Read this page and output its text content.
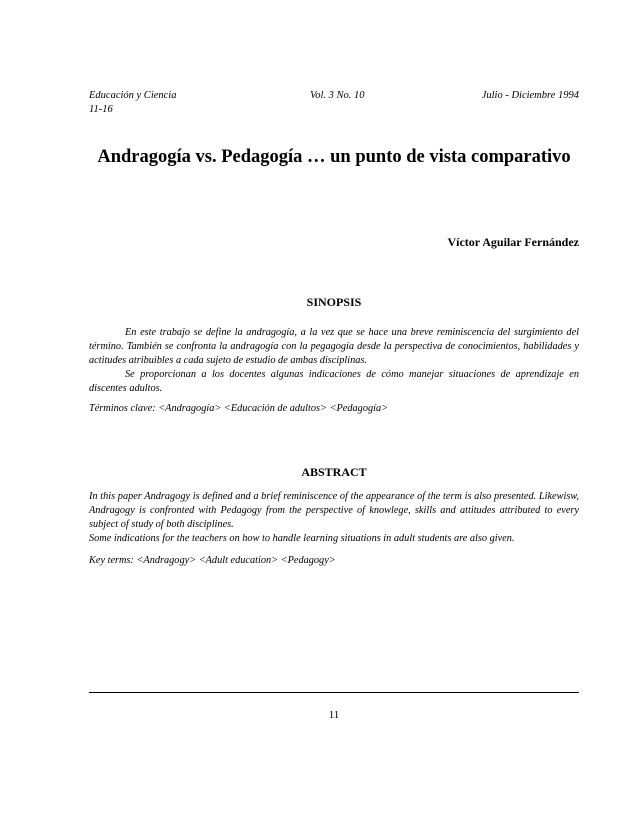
Educación y Ciencia	Vol. 3 No. 10	Julio - Diciembre 1994
11-16
Andragogía vs. Pedagogía … un punto de vista comparativo
Víctor Aguilar Fernández
SINOPSIS

En este trabajo se define la andragogía, a la vez que se hace una breve reminiscencia del surgimiento del término. También se confronta la andragogía con la pegagogía desde la perspectiva de conocimientos, habilidades y actitudes atribuibles a cada sujeto de estudio de ambas disciplinas.

Se proporcionan a los docentes algunas indicaciones de cómo manejar situaciones de aprendizaje en discentes adultos.

Términos clave: <Andragogía> <Educación de adultos> <Pedagogía>
ABSTRACT

In this paper Andragogy is defined and a brief reminiscence of the appearance of the term is also presented. Likewisw, Andragogy is confronted with Pedagogy from the perspective of knowlege, skills and attitudes attributed to every subject of study of both disciplines.

Some indications for the teachers on how to handle learning situations in adult students are also given.

Key terms: <Andragogy> <Adult education> <Pedagogy>
11
